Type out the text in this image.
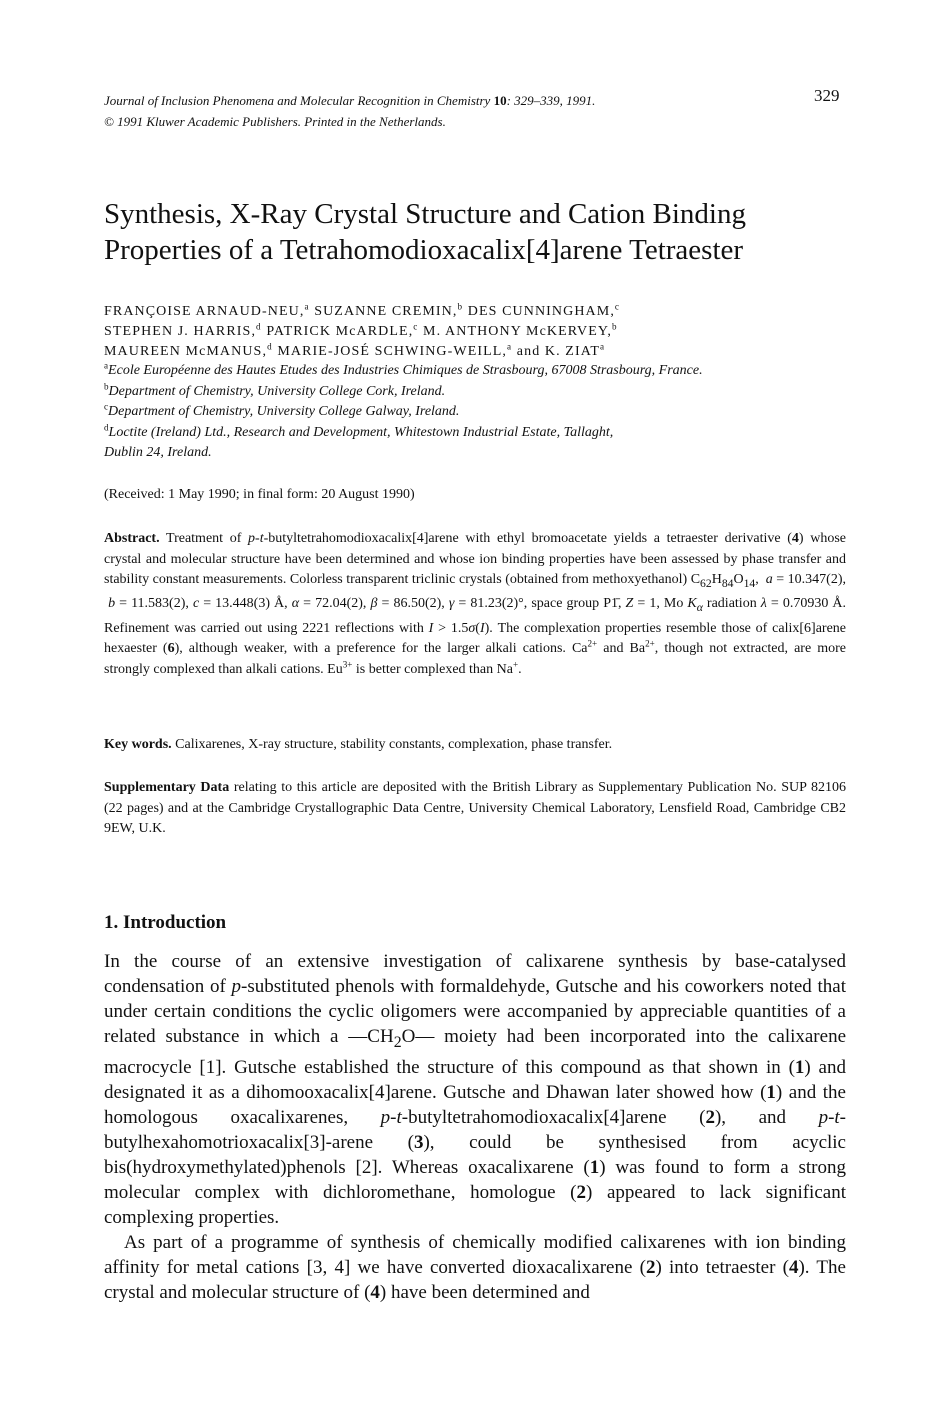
Journal of Inclusion Phenomena and Molecular Recognition in Chemistry 10: 329–339, 1991.
© 1991 Kluwer Academic Publishers. Printed in the Netherlands.
329
Synthesis, X-Ray Crystal Structure and Cation Binding
Properties of a Tetrahomodioxacalix[4]arene Tetraester
FRANÇOISE ARNAUD-NEU,$^a$ SUZANNE CREMIN,$^b$ DES CUNNINGHAM,$^c$
STEPHEN J. HARRIS,$^d$ PATRICK McARDLE,$^c$ M. ANTHONY McKERVEY,$^b$
MAUREEN McMANUS,$^d$ MARIE-JOSÉ SCHWING-WEILL,$^a$ and K. ZIAT$^a$
$^a$Ecole Européenne des Hautes Etudes des Industries Chimiques de Strasbourg, 67008 Strasbourg, France.
$^b$Department of Chemistry, University College Cork, Ireland.
$^c$Department of Chemistry, University College Galway, Ireland.
$^d$Loctite (Ireland) Ltd., Research and Development, Whitestown Industrial Estate, Tallaght,
Dublin 24, Ireland.
(Received: 1 May 1990; in final form: 20 August 1990)
Abstract. Treatment of p-t-butyltetrahomodioxacalix[4]arene with ethyl bromoacetate yields a tetraester derivative (4) whose crystal and molecular structure have been determined and whose ion binding properties have been assessed by phase transfer and stability constant measurements. Colorless transparent triclinic crystals (obtained from methoxyethanol) $C_{62}H_{84}O_{14}$,  a = 10.347(2),  b = 11.583(2), c = 13.448(3) Å, α = 72.04(2), β = 86.50(2), γ = 81.23(2)°, space group P1̄, Z = 1, Mo $K_\alpha$ radiation λ = 0.70930 Å. Refinement was carried out using 2221 reflections with I > 1.5σ(I). The complexation properties resemble those of calix[6]arene hexaester (6), although weaker, with a preference for the larger alkali cations. $Ca^{2+}$ and $Ba^{2+}$, though not extracted, are more strongly complexed than alkali cations. $Eu^{3+}$ is better complexed than Na+.
Key words. Calixarenes, X-ray structure, stability constants, complexation, phase transfer.
Supplementary Data relating to this article are deposited with the British Library as Supplementary Publication No. SUP 82106 (22 pages) and at the Cambridge Crystallographic Data Centre, University Chemical Laboratory, Lensfield Road, Cambridge CB2 9EW, U.K.
1. Introduction

In the course of an extensive investigation of calixarene synthesis by base-catalysed condensation of p-substituted phenols with formaldehyde, Gutsche and his coworkers noted that under certain conditions the cyclic oligomers were accompanied by appreciable quantities of a related substance in which a $—CH_2O—$ moiety had been incorporated into the calixarene macrocycle [1]. Gutsche established the structure of this compound as that shown in (1) and designated it as a dihomooxacalix[4]arene. Gutsche and Dhawan later showed how (1) and the homologous oxacalixarenes, p-t-butyltetrahomodioxacalix[4]arene (2), and p-t-butylhexahomotrioxacalix[3]-arene (3), could be synthesised from acyclic bis(hydroxymethylated)phenols [2]. Whereas oxacalixarene (1) was found to form a strong molecular complex with dichloromethane, homologue (2) appeared to lack significant complexing properties.

As part of a programme of synthesis of chemically modified calixarenes with ion binding affinity for metal cations [3, 4] we have converted dioxacalixarene (2) into tetraester (4). The crystal and molecular structure of (4) have been determined and
